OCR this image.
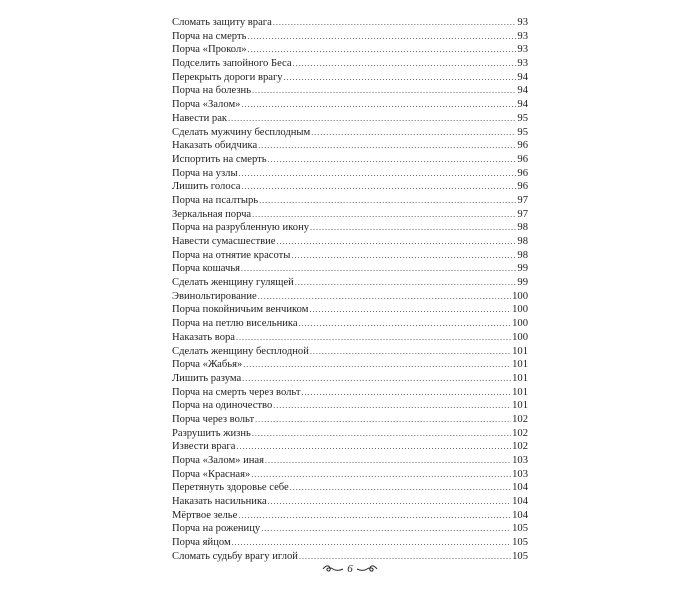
Сломать защиту врага .....	93
Порча на смерть .....	93
Порча «Прокол» .....	93
Подселить запойного Беса .....	93
Перекрыть дороги врагу .....	94
Порча на болезнь .....	94
Порча «Залом» .....	94
Навести рак .....	95
Сделать мужчину бесплодным .....	95
Наказать обидчика .....	96
Испортить на смерть .....	96
Порча на узлы .....	96
Лишить голоса .....	96
Порча на псалтырь .....	97
Зеркальная порча .....	97
Порча на разрубленную икону .....	98
Навести сумасшествие .....	98
Порча на отнятие красоты .....	98
Порча кошачья .....	99
Сделать женщину гулящей .....	99
Эвинольтирование .....	100
Порча покойничьим венчиком .....	100
Порча на петлю висельника .....	100
Наказать вора .....	100
Сделать женщину бесплодной .....	101
Порча «Жабья» .....	101
Лишить разума .....	101
Порча на смерть через вольт .....	101
Порча на одиночество .....	101
Порча через вольт .....	102
Разрушить жизнь .....	102
Извести врага .....	102
Порча «Залом» иная .....	103
Порча «Красная» .....	103
Перетянуть здоровье себе .....	104
Наказать насильника .....	104
Мёртвое зелье .....	104
Порча на роженицу .....	105
Порча яйцом .....	105
Сломать судьбу врагу иглой .....	105
6
